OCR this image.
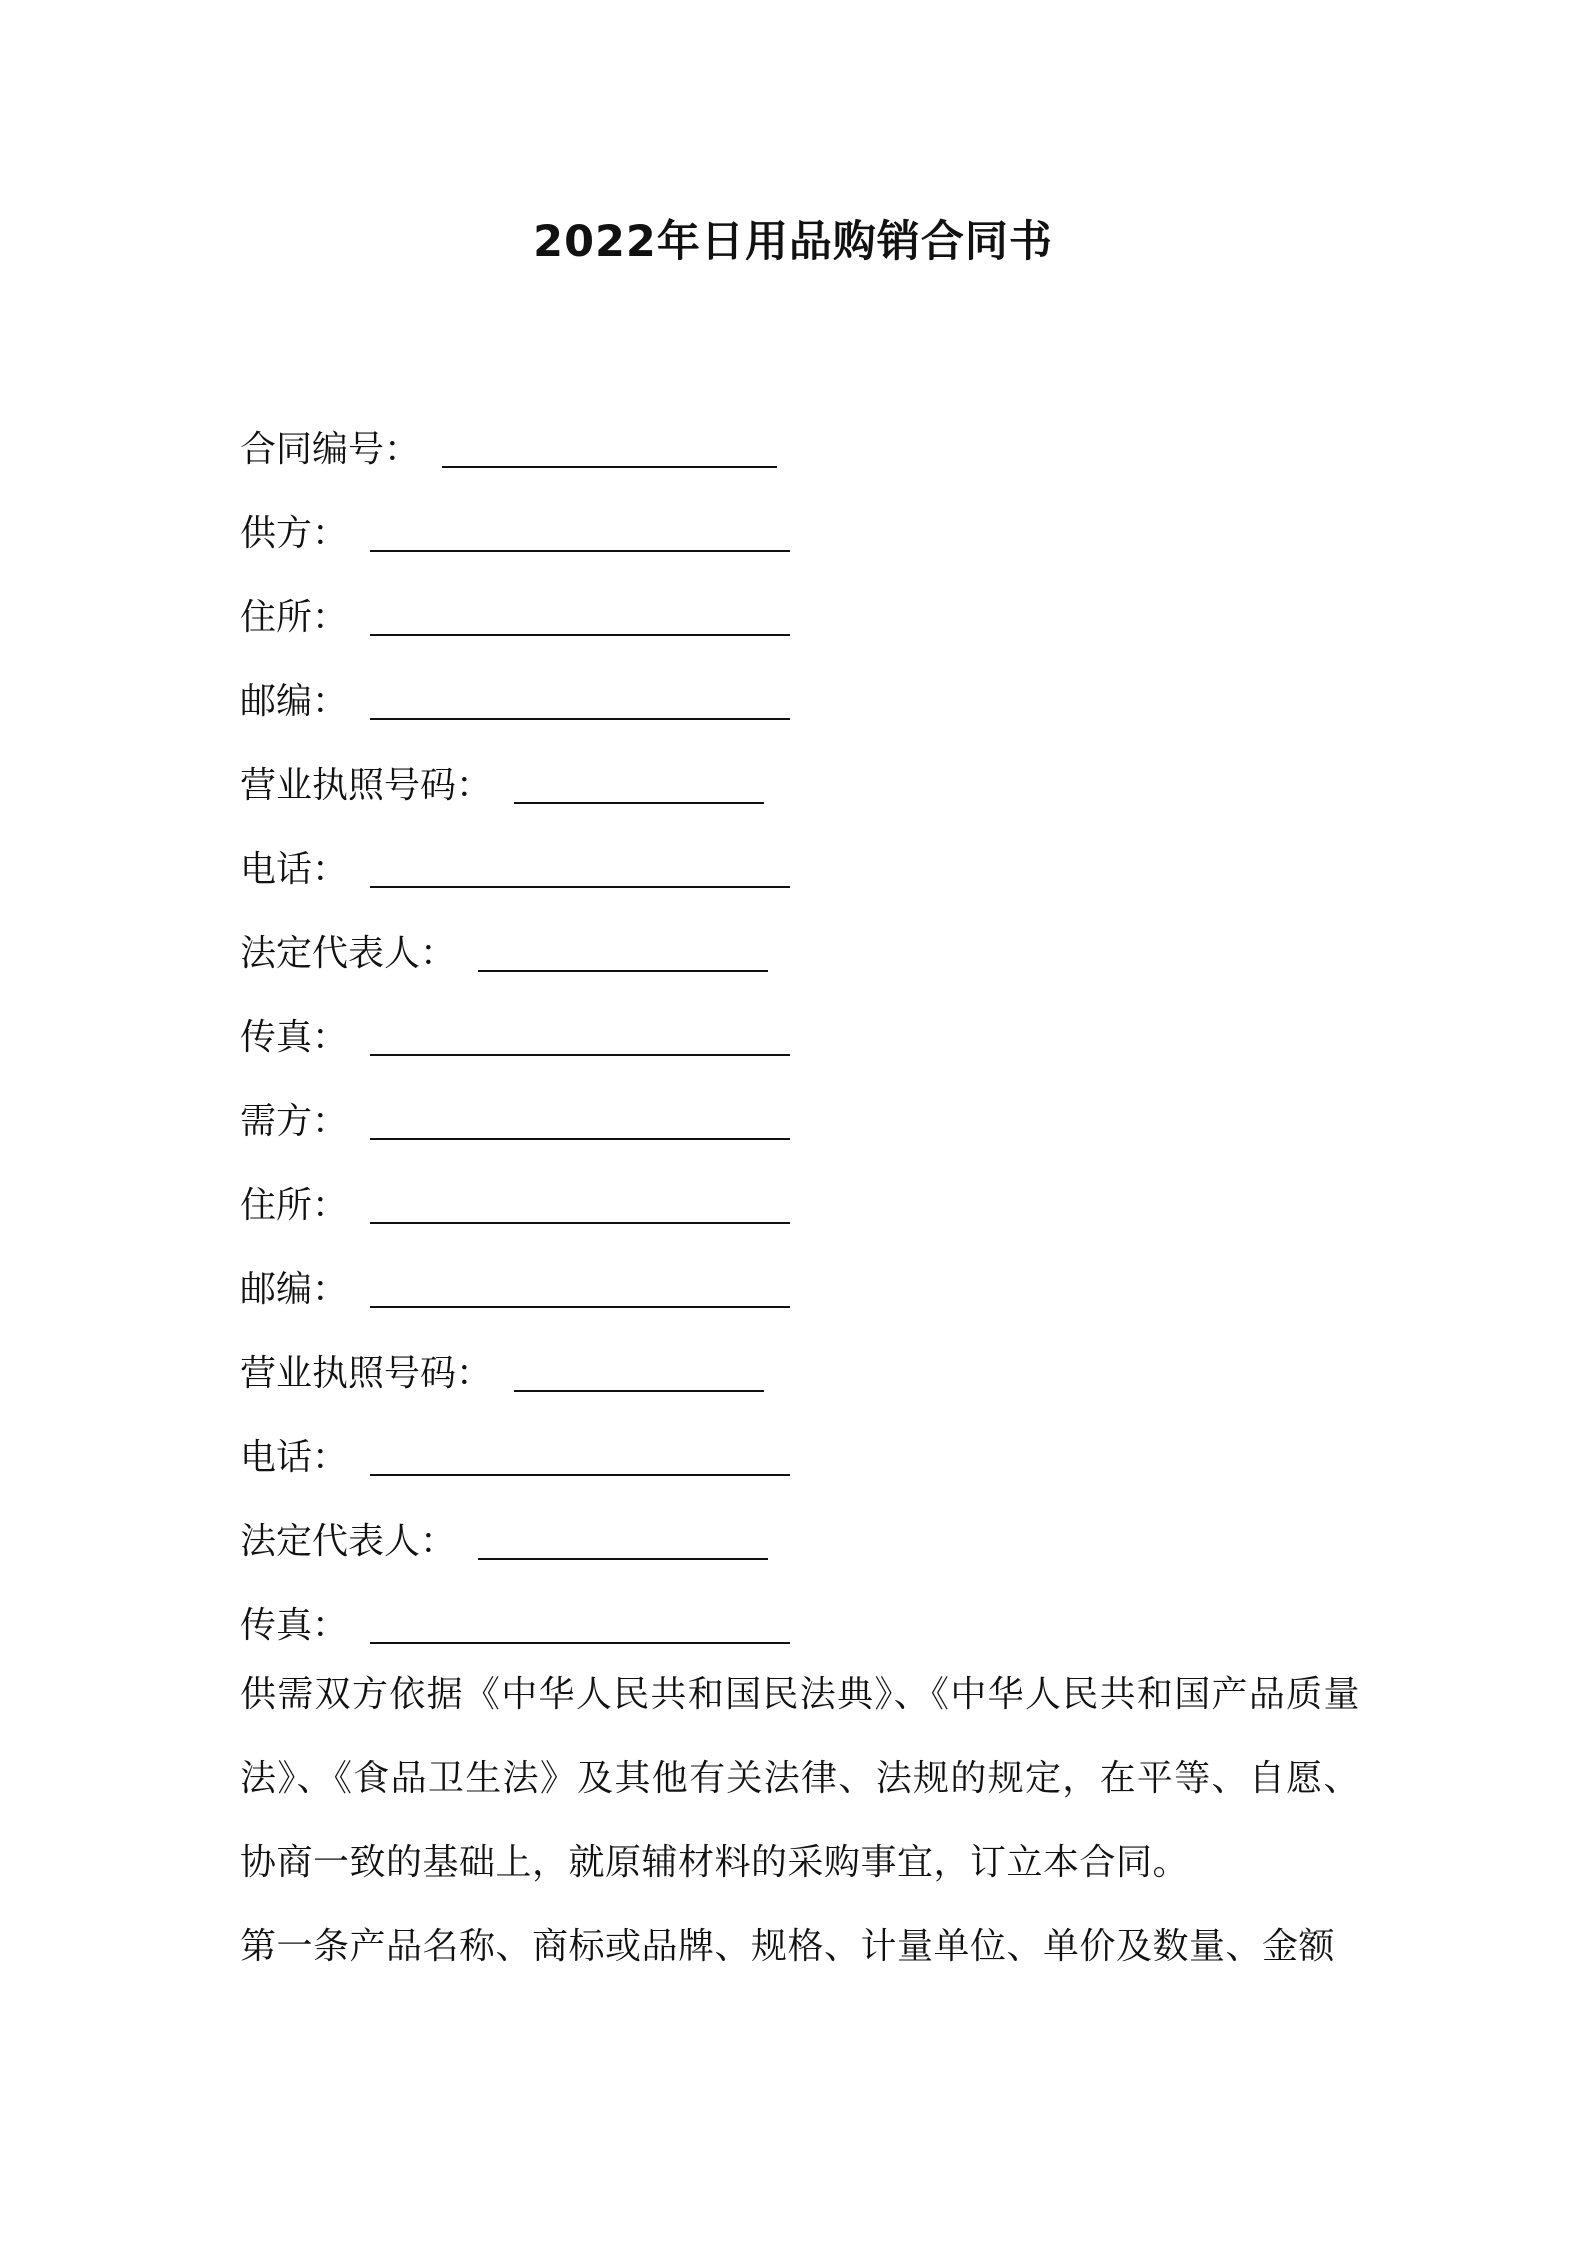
2022年日用品购销合同书
合同编号 ：
供方 ：
住所 ：
邮编 ：
营业执照号码 ：
电话 ：
法定代表人 ：
传真 ：
需方 ：
住所 ：
邮编 ：
营业执照号码 ：
电话 ：
法定代表人 ：
传真 ：
供需双方依据《中华人民共和国民法典》、《中华人民共和国产品质量法》、《食品卫生法》及其他有关法律、法规的规定，在平等、自愿、协商一致的基础上，就原辅材料的采购事宜，订立本合同。
第一条产品名称、商标或品牌、规格、计量单位、单价及数量、金额
